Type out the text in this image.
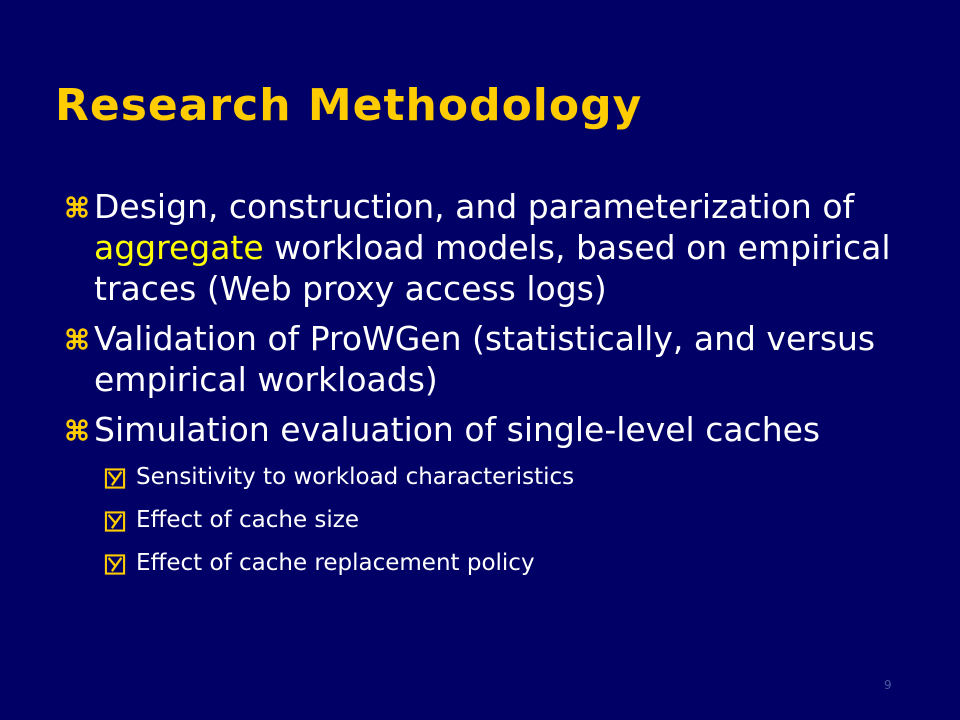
Research Methodology
Design, construction, and parameterization of aggregate workload models, based on empirical traces (Web proxy access logs)
Validation of ProWGen (statistically, and versus empirical workloads)
Simulation evaluation of single-level caches
Sensitivity to workload characteristics
Effect of cache size
Effect of cache replacement policy
9
